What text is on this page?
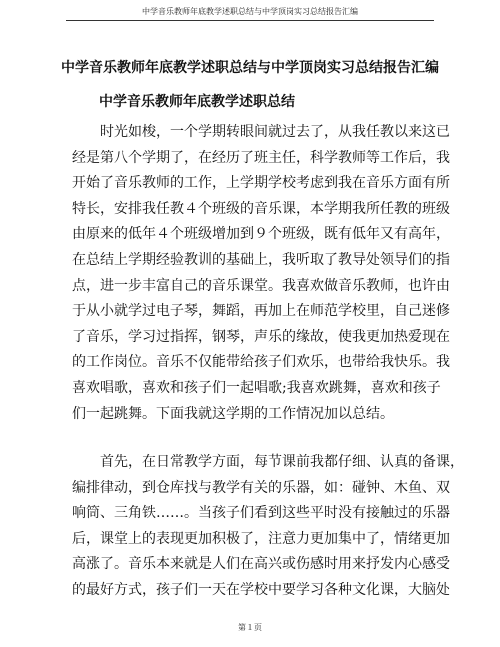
中学音乐教师年底教学述职总结与中学顶岗实习总结报告汇编
中学音乐教师年底教学述职总结与中学顶岗实习总结报告汇编
中学音乐教师年底教学述职总结
时光如梭，一个学期转眼间就过去了，从我任教以来这已
经是第八个学期了，在经历了班主任，科学教师等工作后，我
开始了音乐教师的工作，上学期学校考虑到我在音乐方面有所
特长，安排我任教４个班级的音乐课，本学期我所任教的班级
由原来的低年４个班级增加到９个班级，既有低年又有高年，
在总结上学期经验教训的基础上，我听取了教导处领导们的指
点，进一步丰富自己的音乐课堂。我喜欢做音乐教师，也许由
于从小就学过电子琴，舞蹈，再加上在师范学校里，自己迷修
了音乐，学习过指挥，钢琴，声乐的缘故，使我更加热爱现在
的工作岗位。音乐不仅能带给孩子们欢乐，也带给我快乐。我
喜欢唱歌，喜欢和孩子们一起唱歌;我喜欢跳舞，喜欢和孩子
们一起跳舞。下面我就这学期的工作情况加以总结。
首先，在日常教学方面，每节课前我都仔细、认真的备课，
编排律动，到仓库找与教学有关的乐器，如：碰钟、木鱼、双
响筒、三角铁……。当孩子们看到这些平时没有接触过的乐器
后，课堂上的表现更加积极了，注意力更加集中了，情绪更加
高涨了。音乐本来就是人们在高兴或伤感时用来抒发内心感受
的最好方式，孩子们一天在学校中要学习各种文化课，大脑处
第１页
